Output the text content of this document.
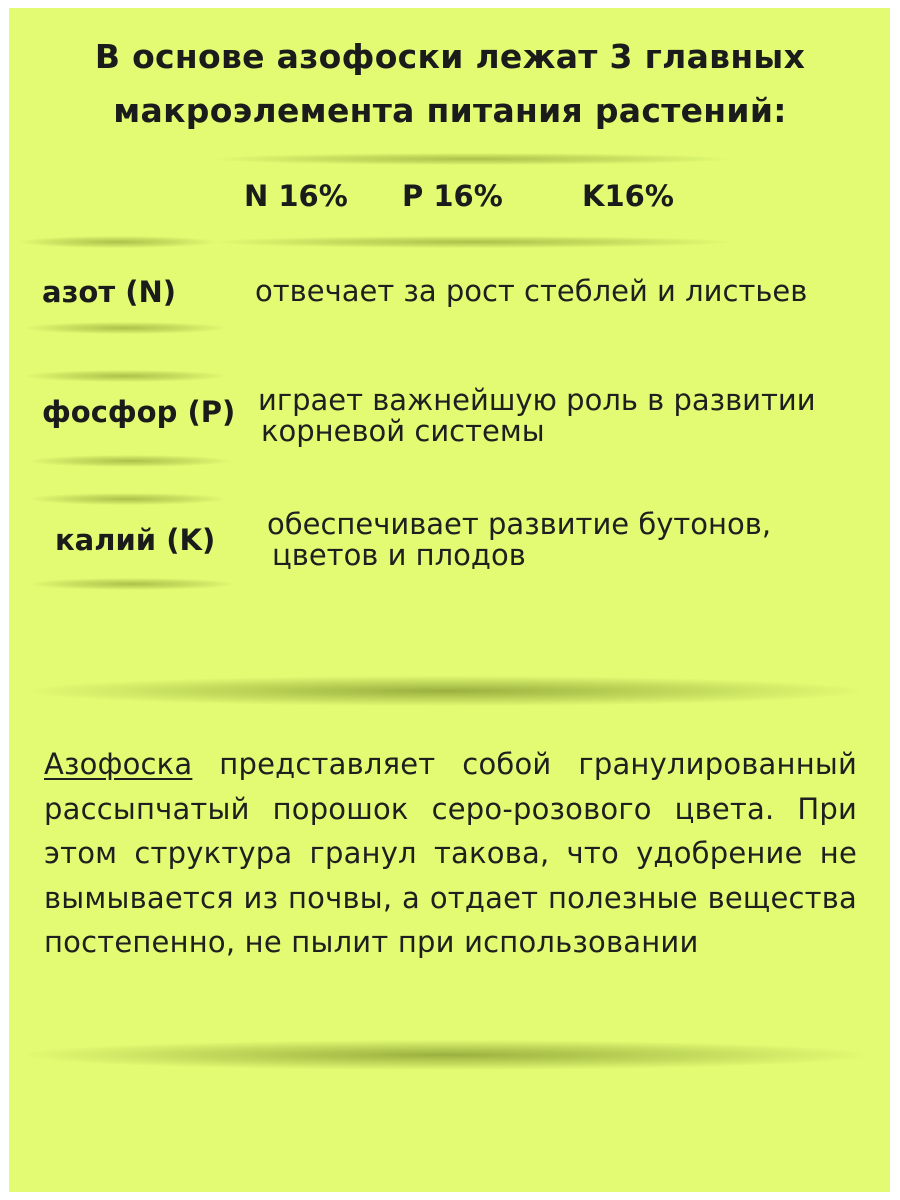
В основе азофоски лежат 3 главных
макроэлемента питания растений:
N 16% P 16%	K16%
азот (N)	отвечает за рост стеблей и листьев
фосфор (P) играет важнейшую роль в развитии
корневой системы
калий (K) обеспечивает развитие бутонов,
цветов и плодов
Азофоска представляет собой гранулированный рассыпчатый порошок серо-розового цвета. При этом структура гранул такова, что удобрение не вымывается из почвы, а отдает полезные вещества постепенно, не пылит при использовании
